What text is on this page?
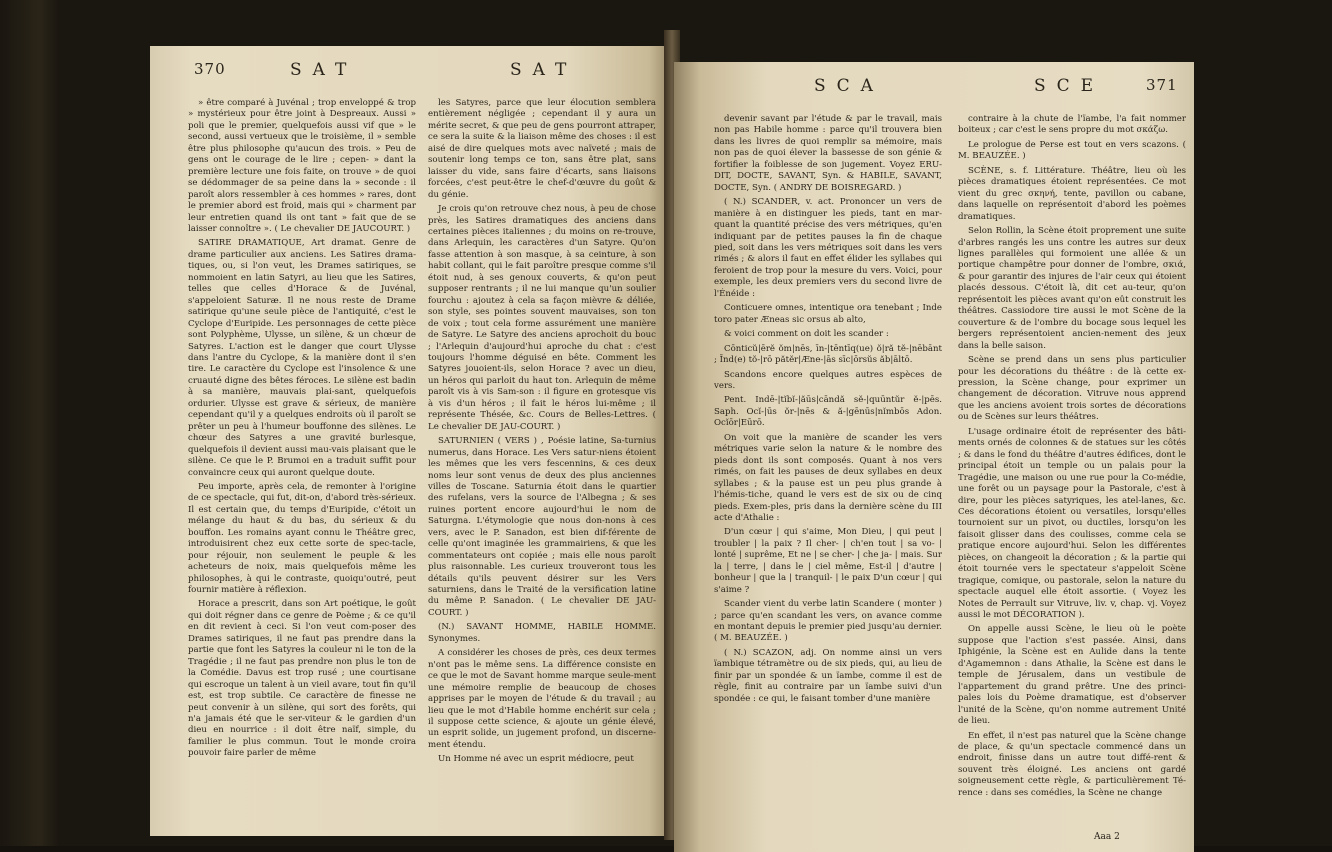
370	SAT	SAT

» être comparé à Juvénal ; trop enveloppé & trop » mystérieux pour être joint à Despreaux. Aussi » poli que le premier, quelquefois aussi vif que » le second, aussi vertueux que le troisième, il » semble être plus philosophe qu'aucun des trois. » Peu de gens ont le courage de le lire ; cepen- » dant la première lecture une fois faite, on trouve » de quoi se dédommager de sa peine dans la » seconde : il paroît alors ressembler à ces hommes » rares, dont le premier abord est froid, mais qui » charment par leur entretien quand ils ont tant » fait que de se laisser connoître ». ( Le chevalier DE JAUCOURT. )

SATIRE DRAMATIQUE, Art dramat. Genre de drame particulier aux anciens. Les Satires drama-tiques, ou, si l'on veut, les Drames satiriques, se nommoient en latin Satyri, au lieu que les Satires, telles que celles d'Horace & de Juvénal, s'appeloient Saturæ. Il ne nous reste de Drame satirique qu'une seule pièce de l'antiquité, c'est le Cyclope d'Euripide. Les personnages de cette pièce sont Polyphème, Ulysse, un silène, & un chœur de Satyres. L'action est le danger que court Ulysse dans l'antre du Cyclope, & la manière dont il s'en tire. Le caractère du Cyclope est l'insolence & une cruauté digne des bêtes féroces. Le silène est badin à sa manière, mauvais plai-sant, quelquefois ordurier. Ulysse est grave & sérieux, de manière cependant qu'il y a quelques endroits où il paroît se prêter un peu à l'humeur bouffonne des silènes. Le chœur des Satyres a une gravité burlesque, quelquefois il devient aussi mau-vais plaisant que le silène. Ce que le P. Brumoi en a traduit suffit pour convaincre ceux qui auront quelque doute.

Peu importe, après cela, de remonter à l'origine de ce spectacle, qui fut, dit-on, d'abord très-sérieux. Il est certain que, du temps d'Euripide, c'étoit un mélange du haut & du bas, du sérieux & du bouffon. Les romains ayant connu le Théâtre grec, introduisirent chez eux cette sorte de spec-tacle, pour réjouir, non seulement le peuple & les acheteurs de noix, mais quelquefois même les philosophes, à qui le contraste, quoiqu'outré, peut fournir matière à réflexion.

Horace a prescrit, dans son Art poétique, le goût qui doit régner dans ce genre de Poème ; & ce qu'il en dit revient à ceci. Si l'on veut com-poser des Drames satiriques, il ne faut pas prendre dans la partie que font les Satyres la couleur ni le ton de la Tragédie ; il ne faut pas prendre non plus le ton de la Comédie. Davus est trop rusé ; une courtisane qui escroque un talent à un vieil avare, tout fin qu'il est, est trop subtile. Ce caractère de finesse ne peut convenir à un silène, qui sort des forêts, qui n'a jamais été que le ser-viteur & le gardien d'un dieu en nourrice : il doit être naïf, simple, du familier le plus commun. Tout le monde croira pouvoir faire parler de même

les Satyres, parce que leur élocution semblera entièrement négligée ; cependant il y aura un mérite secret, & que peu de gens pourront attraper, ce sera la suite & la liaison même des choses : il est aisé de dire quelques mots avec naïveté ; mais de soutenir long temps ce ton, sans être plat, sans laisser du vide, sans faire d'écarts, sans liaisons forcées, c'est peut-être le chef-d'œuvre du goût & du génie.

Je crois qu'on retrouve chez nous, à peu de chose près, les Satires dramatiques des anciens dans certaines pièces italiennes ; du moins on re-trouve, dans Arlequin, les caractères d'un Satyre. Qu'on fasse attention à son masque, à sa ceinture, à son habit collant, qui le fait paroître presque comme s'il étoit nud, à ses genoux couverts, & qu'on peut supposer rentrants ; il ne lui manque qu'un soulier fourchu : ajoutez à cela sa façon mièvre & déliée, son style, ses pointes souvent mauvaises, son ton de voix ; tout cela forme assurément une manière de Satyre. Le Satyre des anciens aprochoit du bouc ; l'Arlequin d'aujourd'hui aproche du chat : c'est toujours l'homme déguisé en bête. Comment les Satyres jouoient-ils, selon Horace ? avec un dieu, un héros qui parloit du haut ton. Arlequin de même paroît vis à vis Sam-son : il figure en grotesque vis à vis d'un héros ; il fait le héros lui-même ; il représente Thésée, &c. Cours de Belles-Lettres. ( Le chevalier DE JAU-COURT. )

SATURNIEN ( VERS ) , Poésie latine, Sa-turnius numerus, dans Horace. Les Vers satur-niens étoient les mêmes que les vers fescennins, & ces deux noms leur sont venus de deux des plus anciennes villes de Toscane. Saturnia étoit dans le quartier des rufelans, vers la source de l'Albegna ; & ses ruines portent encore aujourd'hui le nom de Saturgna. L'étymologie que nous don-nons à ces vers, avec le P. Sanadon, est bien dif-férente de celle qu'ont imaginée les grammairiens, & que les commentateurs ont copiée ; mais elle nous paroît plus raisonnable. Les curieux trouveront tous les détails qu'ils peuvent désirer sur les Vers saturniens, dans le Traité de la versification latine du même P. Sanadon. ( Le chevalier DE JAU-COURT. )

(N.) SAVANT HOMME, HABILE HOMME. Synonymes.

A considérer les choses de près, ces deux termes n'ont pas le même sens. La différence consiste en ce que le mot de Savant homme marque seule-ment une mémoire remplie de beaucoup de choses apprises par le moyen de l'étude & du travail ; au lieu que le mot d'Habile homme enchérit sur cela ; il suppose cette science, & ajoute un génie élevé, un esprit solide, un jugement profond, un discerne-ment étendu.

Un Homme né avec un esprit médiocre, peut

SCA	SCE	371

devenir savant par l'étude & par le travail, mais non pas Habile homme : parce qu'il trouvera bien dans les livres de quoi remplir sa mémoire, mais non pas de quoi élever la bassesse de son génie & fortifier la foiblesse de son jugement. Voyez ERU-DIT, DOCTE, SAVANT, Syn. & HABILE, SAVANT, DOCTE, Syn. ( ANDRY DE BOISREGARD. )

( N.) SCANDER, v. act. Prononcer un vers de manière à en distinguer les pieds, tant en mar-quant la quantité précise des vers métriques, qu'en indiquant par de petites pauses la fin de chaque pied, soit dans les vers métriques soit dans les vers rimés ; & alors il faut en effet élider les syllabes qui feroient de trop pour la mesure du vers. Voici, pour exemple, les deux premiers vers du second livre de l'Énéide :

Conticuere omnes, intentique ora tenebant ; Inde toro pater Æneas sic orsus ab alto,

& voici comment on doit les scander :

Cōnticŭ|ērĕ ŏm|nēs, īn-|tēntīq(ue) ŏ|ră tĕ-|nēbānt ; Īnd(e) tŏ-|rō pătĕr|Æne-|ās sīc|ōrsŭs ăb|āltō.

Scandons encore quelques autres espèces de vers.

Pent. Indē-|tĭbĭ-|ăūs|cāndă sĕ-|quūntŭr ĕ-|pēs. Saph. Ocĭ-|ūs ŏr-|nēs & ă-|gēnūs|nĭmbōs Adon. Ocĭōr|Eūrō.

On voit que la manière de scander les vers métriques varie selon la nature & le nombre des pieds dont ils sont composés. Quant à nos vers rimés, on fait les pauses de deux syllabes en deux syllabes ; & la pause est un peu plus grande à l'hémis-tiche, quand le vers est de six ou de cinq pieds. Exem-ples, pris dans la dernière scène du III acte d'Athalie :

D'un cœur | qui s'aime, Mon Dieu, | qui peut | troubler | la paix ? Il cher- | ch'en tout | sa vo- | lonté | suprême, Et ne | se cher- | che ja- | mais. Sur la | terre, | dans le | ciel même, Est-il | d'autre | bonheur | que la | tranquil- | le paix D'un cœur | qui s'aime ?

Scander vient du verbe latin Scandere ( monter ) ; parce qu'en scandant les vers, on avance comme en montant depuis le premier pied jusqu'au dernier. ( M. BEAUZÉE. )

( N.) SCAZON, adj. On nomme ainsi un vers ïambique tétramètre ou de six pieds, qui, au lieu de finir par un spondée & un ïambe, comme il est de règle, finit au contraire par un ïambe suivi d'un spondée : ce qui, le faisant tomber d'une manière

contraire à la chute de l'ïambe, l'a fait nommer boiteux ; car c'est le sens propre du mot σκάζω.

Le prologue de Perse est tout en vers scazons. ( M. BEAUZÉE. )

SCÈNE, s. f. Littérature. Théâtre, lieu où les pièces dramatiques étoient représentées. Ce mot vient du grec σκηνή, tente, pavillon ou cabane, dans laquelle on représentoit d'abord les poèmes dramatiques.

Selon Rollin, la Scène étoit proprement une suite d'arbres rangés les uns contre les autres sur deux lignes parallèles qui formoient une allée & un portique champêtre pour donner de l'ombre, σκιά, & pour garantir des injures de l'air ceux qui étoient placés dessous. C'étoit là, dit cet au-teur, qu'on représentoit les pièces avant qu'on eût construit les théâtres. Cassiodore tire aussi le mot Scène de la couverture & de l'ombre du bocage sous lequel les bergers représentoient ancien-nement des jeux dans la belle saison.

Scène se prend dans un sens plus particulier pour les décorations du théâtre : de là cette ex-pression, la Scène change, pour exprimer un changement de décoration. Vitruve nous apprend que les anciens avoient trois sortes de décorations ou de Scènes sur leurs théâtres.

L'usage ordinaire étoit de représenter des bâti-ments ornés de colonnes & de statues sur les côtés ; & dans le fond du théâtre d'autres édifices, dont le principal étoit un temple ou un palais pour la Tragédie, une maison ou une rue pour la Co-médie, une forêt ou un paysage pour la Pastorale, c'est à dire, pour les pièces satyriques, les atel-lanes, &c. Ces décorations étoient ou versatiles, lorsqu'elles tournoient sur un pivot, ou ductiles, lorsqu'on les faisoit glisser dans des coulisses, comme cela se pratique encore aujourd'hui. Selon les différentes pièces, on changeoit la décoration ; & la partie qui étoit tournée vers le spectateur s'appeloit Scène tragique, comique, ou pastorale, selon la nature du spectacle auquel elle étoit assortie. ( Voyez les Notes de Perrault sur Vitruve, liv. v, chap. vj. Voyez aussi le mot DÉCORATION ).

On appelle aussi Scène, le lieu où le poète suppose que l'action s'est passée. Ainsi, dans Iphigénie, la Scène est en Aulide dans la tente d'Agamemnon : dans Athalie, la Scène est dans le temple de Jérusalem, dans un vestibule de l'appartement du grand prêtre. Une des princi-pales lois du Poème dramatique, est d'observer l'unité de la Scène, qu'on nomme autrement Unité de lieu.

En effet, il n'est pas naturel que la Scène change de place, & qu'un spectacle commencé dans un endroit, finisse dans un autre tout diffé-rent & souvent très éloigné. Les anciens ont gardé soigneusement cette règle, & particulièrement Té-rence : dans ses comédies, la Scène ne change

Aaa 2
